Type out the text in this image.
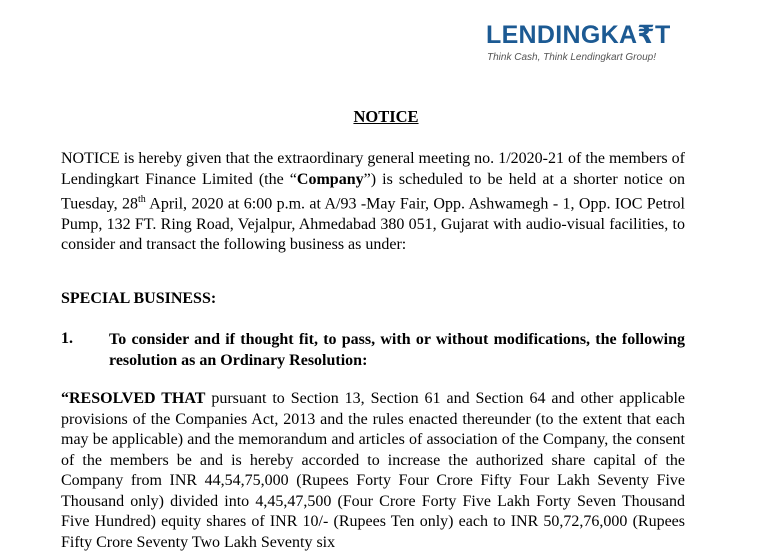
LENDINGKA₹T
Think Cash, Think Lendingkart Group!
NOTICE
NOTICE is hereby given that the extraordinary general meeting no. 1/2020-21 of the members of Lendingkart Finance Limited (the “Company”) is scheduled to be held at a shorter notice on Tuesday, 28th April, 2020 at 6:00 p.m. at A/93 -May Fair, Opp. Ashwamegh - 1, Opp. IOC Petrol Pump, 132 FT. Ring Road, Vejalpur, Ahmedabad 380 051, Gujarat with audio-visual facilities, to consider and transact the following business as under:
SPECIAL BUSINESS:
1. To consider and if thought fit, to pass, with or without modifications, the following resolution as an Ordinary Resolution:
“RESOLVED THAT pursuant to Section 13, Section 61 and Section 64 and other applicable provisions of the Companies Act, 2013 and the rules enacted thereunder (to the extent that each may be applicable) and the memorandum and articles of association of the Company, the consent of the members be and is hereby accorded to increase the authorized share capital of the Company from INR 44,54,75,000 (Rupees Forty Four Crore Fifty Four Lakh Seventy Five Thousand only) divided into 4,45,47,500 (Four Crore Forty Five Lakh Forty Seven Thousand Five Hundred) equity shares of INR 10/- (Rupees Ten only) each to INR 50,72,76,000 (Rupees Fifty Crore Seventy Two Lakh Seventy six
